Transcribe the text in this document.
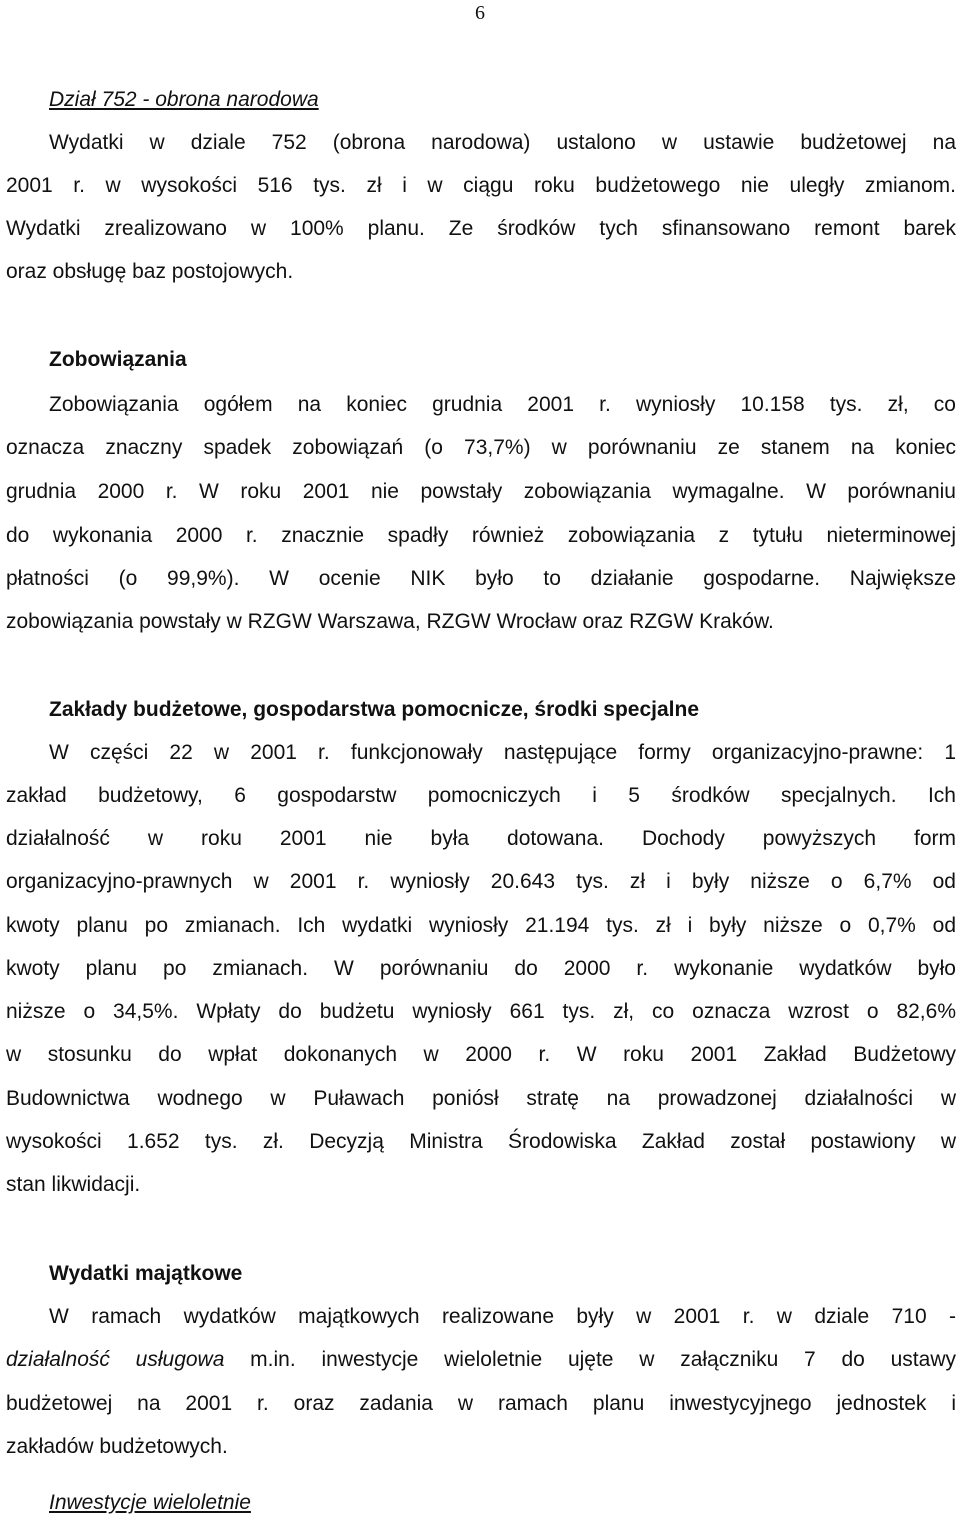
6
Dział 752 - obrona narodowa
Wydatki w dziale 752 (obrona narodowa) ustalono w ustawie budżetowej na
2001 r. w wysokości 516 tys. zł i w ciągu roku budżetowego nie uległy zmianom.
Wydatki zrealizowano w 100% planu. Ze środków tych sfinansowano remont barek
oraz obsługę baz postojowych.
Zobowiązania
Zobowiązania ogółem na koniec grudnia 2001 r. wyniosły 10.158 tys. zł, co
oznacza znaczny spadek zobowiązań (o 73,7%) w porównaniu ze stanem na koniec
grudnia 2000 r. W roku 2001 nie powstały zobowiązania wymagalne. W porównaniu
do wykonania 2000 r. znacznie spadły również zobowiązania z tytułu nieterminowej
płatności (o 99,9%). W ocenie NIK było to działanie gospodarne. Największe
zobowiązania powstały w RZGW Warszawa, RZGW Wrocław oraz RZGW Kraków.
Zakłady budżetowe, gospodarstwa pomocnicze, środki specjalne
W części 22 w 2001 r. funkcjonowały następujące formy organizacyjno-prawne: 1
zakład budżetowy, 6 gospodarstw pomocniczych i 5 środków specjalnych. Ich
działalność w roku 2001 nie była dotowana. Dochody powyższych form
organizacyjno-prawnych w 2001 r. wyniosły 20.643 tys. zł i były niższe o 6,7% od
kwoty planu po zmianach. Ich wydatki wyniosły 21.194 tys. zł i były niższe o 0,7% od
kwoty planu po zmianach. W porównaniu do 2000 r. wykonanie wydatków było
niższe o 34,5%. Wpłaty do budżetu wyniosły 661 tys. zł, co oznacza wzrost o 82,6%
w stosunku do wpłat dokonanych w 2000 r. W roku 2001 Zakład Budżetowy
Budownictwa wodnego w Puławach poniósł stratę na prowadzonej działalności w
wysokości 1.652 tys. zł. Decyzją Ministra Środowiska Zakład został postawiony w
stan likwidacji.
Wydatki majątkowe
W ramach wydatków majątkowych realizowane były w 2001 r. w dziale 710 -
działalność usługowa m.in. inwestycje wieloletnie ujęte w załączniku 7 do ustawy
budżetowej na 2001 r. oraz zadania w ramach planu inwestycyjnego jednostek i
zakładów budżetowych.
Inwestycje wieloletnie
